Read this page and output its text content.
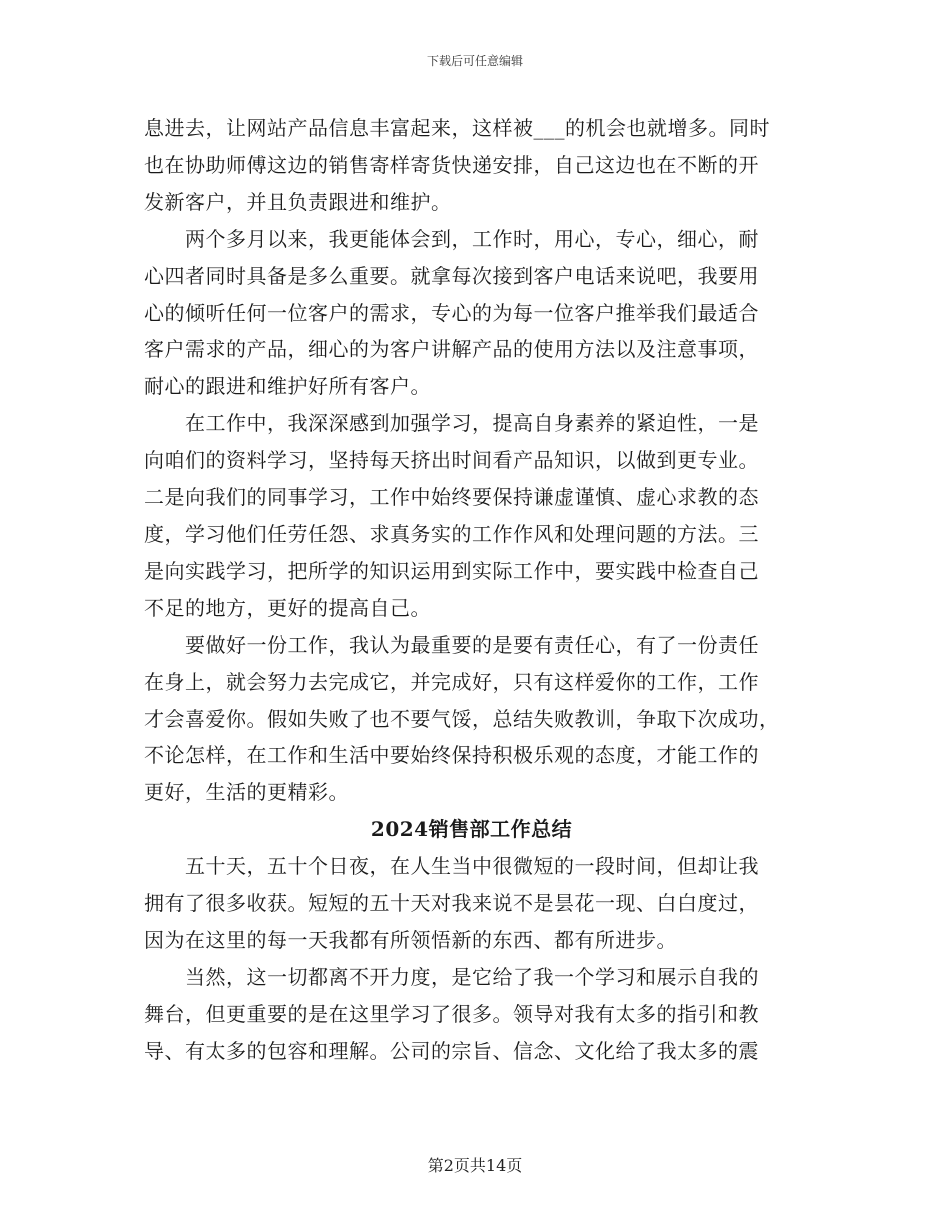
下载后可任意编辑
息进去，让网站产品信息丰富起来，这样被___的机会也就增多。同时
也在协助师傅这边的销售寄样寄货快递安排，自己这边也在不断的开
发新客户，并且负责跟进和维护。
　　两个多月以来，我更能体会到，工作时，用心，专心，细心，耐
心四者同时具备是多么重要。就拿每次接到客户电话来说吧，我要用
心的倾听任何一位客户的需求，专心的为每一位客户推举我们最适合
客户需求的产品，细心的为客户讲解产品的使用方法以及注意事项，
耐心的跟进和维护好所有客户。
　　在工作中，我深深感到加强学习，提高自身素养的紧迫性，一是
向咱们的资料学习，坚持每天挤出时间看产品知识，以做到更专业。
二是向我们的同事学习，工作中始终要保持谦虚谨慎、虚心求教的态
度，学习他们任劳任怨、求真务实的工作作风和处理问题的方法。三
是向实践学习，把所学的知识运用到实际工作中，要实践中检查自己
不足的地方，更好的提高自己。
　　要做好一份工作，我认为最重要的是要有责任心，有了一份责任
在身上，就会努力去完成它，并完成好，只有这样爱你的工作，工作
才会喜爱你。假如失败了也不要气馁，总结失败教训，争取下次成功，
不论怎样，在工作和生活中要始终保持积极乐观的态度，才能工作的
更好，生活的更精彩。
2024销售部工作总结
　　五十天，五十个日夜，在人生当中很微短的一段时间，但却让我
拥有了很多收获。短短的五十天对我来说不是昙花一现、白白度过，
因为在这里的每一天我都有所领悟新的东西、都有所进步。
　　当然，这一切都离不开力度，是它给了我一个学习和展示自我的
舞台，但更重要的是在这里学习了很多。领导对我有太多的指引和教
导、有太多的包容和理解。公司的宗旨、信念、文化给了我太多的震
第2页共14页
